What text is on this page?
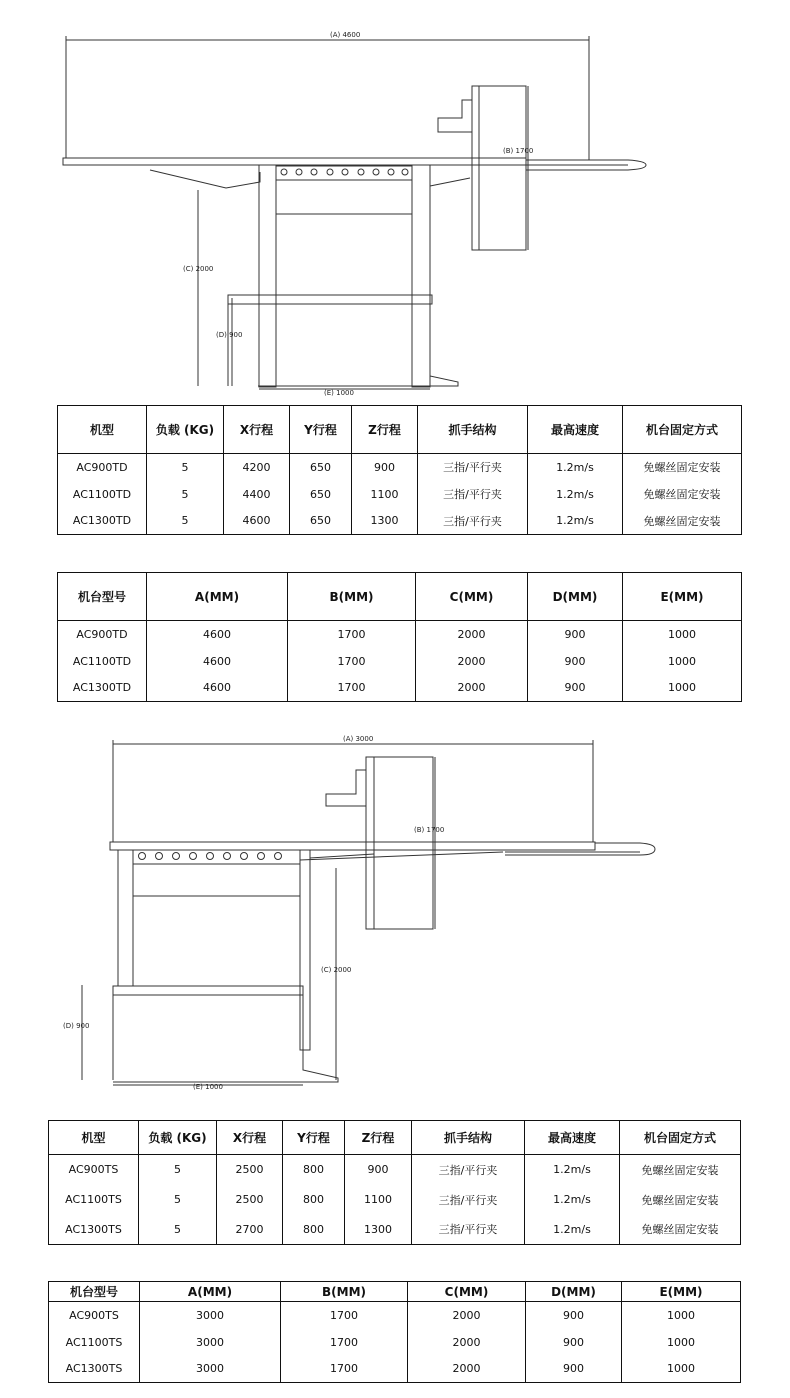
(A) 4600
(B) 1700
(C) 2000
(D) 900
(E) 1000
机型	负载 (KG)	X行程	Y行程	Z行程	抓手结构	最高速度	机台固定方式
AC900TD	5	4200	650	900	三指/平行夹	1.2m/s	免螺丝固定安装
AC1100TD	5	4400	650	1100	三指/平行夹	1.2m/s	免螺丝固定安装
AC1300TD	5	4600	650	1300	三指/平行夹	1.2m/s	免螺丝固定安装
机台型号	A(MM)	B(MM)	C(MM)	D(MM)	E(MM)
AC900TD	4600	1700	2000	900	1000
AC1100TD	4600	1700	2000	900	1000
AC1300TD	4600	1700	2000	900	1000
(A) 3000
(B) 1700
(C) 2000
(D) 900
(E) 1000
机型	负载 (KG)	X行程	Y行程	Z行程	抓手结构	最高速度	机台固定方式
AC900TS	5	2500	800	900	三指/平行夹	1.2m/s	免螺丝固定安装
AC1100TS	5	2500	800	1100	三指/平行夹	1.2m/s	免螺丝固定安装
AC1300TS	5	2700	800	1300	三指/平行夹	1.2m/s	免螺丝固定安装
机台型号	A(MM)	B(MM)	C(MM)	D(MM)	E(MM)
AC900TS	3000	1700	2000	900	1000
AC1100TS	3000	1700	2000	900	1000
AC1300TS	3000	1700	2000	900	1000
